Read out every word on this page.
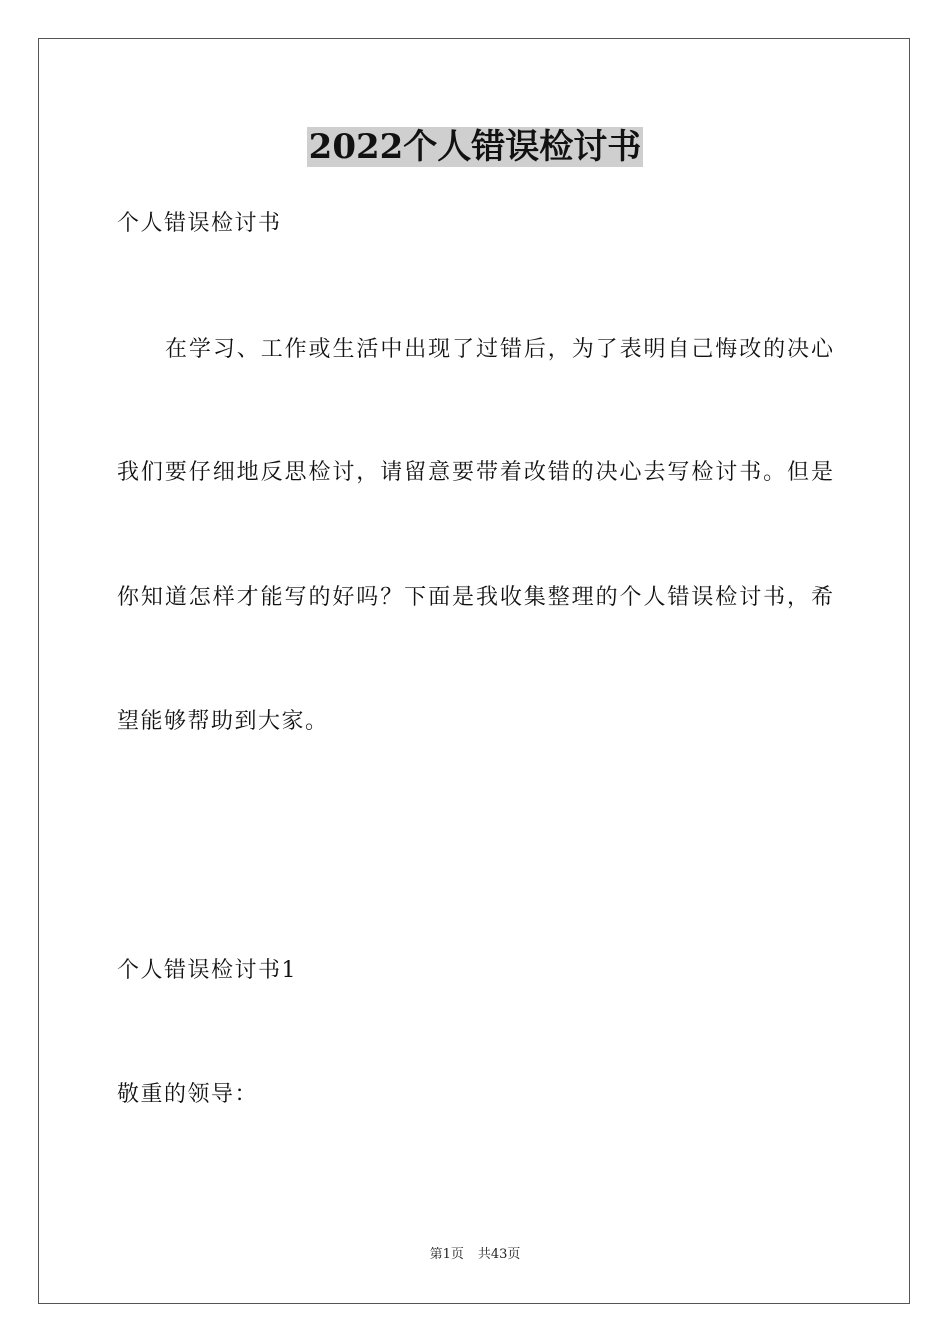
2022个人错误检讨书
个人错误检讨书
在学习、工作或生活中出现了过错后，为了表明自己悔改的决心
我们要仔细地反思检讨，请留意要带着改错的决心去写检讨书。但是
你知道怎样才能写的好吗？下面是我收集整理的个人错误检讨书，希
望能够帮助到大家。
个人错误检讨书1
敬重的领导：
第1页 共43页
